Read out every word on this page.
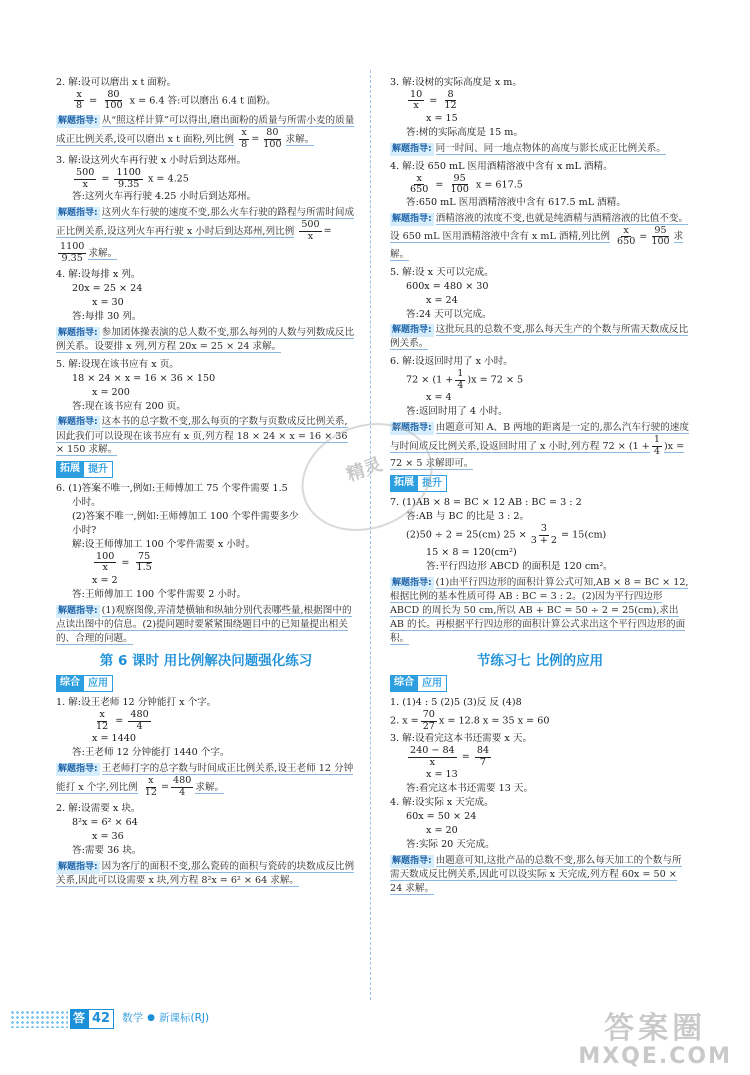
2. 解:设可以磨出 x t 面粉。
$\frac{x}{8} = \frac{80}{100}$ x = 6.4 答:可以磨出 6.4 t 面粉。
解题指导: 从“照这样计算”可以得出,磨出面粉的质量与所需小麦的质量成正比例关系,设可以磨出 x t 面粉,列比例 $\frac{x}{8} = \frac{80}{100}$ 求解。
3. 解:设这列火车再行驶 x 小时后到达郑州。
$\frac{500}{x} = \frac{1100}{9.35}$ x = 4.25
答:这列火车再行驶 4.25 小时后到达郑州。
解题指导: 这列火车行驶的速度不变,那么火车行驶的路程与所需时间成正比例关系,设这列火车再行驶 x 小时后到达郑州,列比例 $\frac{500}{x}$ =
$\frac{1100}{9.35}$ 求解。
4. 解:设每排 x 列。
20x = 25 × 24
x = 30
答:每排 30 列。
解题指导: 参加团体操表演的总人数不变,那么每列的人数与列数成反比例关系。设要排 x 列,列方程 20x = 25 × 24 求解。
5. 解:设现在该书应有 x 页。
18 × 24 × x = 16 × 36 × 150
x = 200
答:现在该书应有 200 页。
解题指导: 这本书的总字数不变,那么每页的字数与页数成反比例关系,因此我们可以设现在该书应有 x 页,列方程 18 × 24 × x = 16 × 36 × 150 求解。
拓展 提升
6. (1)答案不唯一,例如:王师傅加工 75 个零件需要 1.5
小时。
(2)答案不唯一,例如:王师傅加工 100 个零件需要多少
小时?
解:设王师傅加工 100 个零件需要 x 小时。
$\frac{100}{x} = \frac{75}{1.5}$
x = 2
答:王师傅加工 100 个零件需要 2 小时。
解题指导: (1)观察图像,弄清楚横轴和纵轴分别代表哪些量,根据图中的点读出图中的信息。(2)提问题时要紧紧围绕题目中的已知量提出相关的、合理的问题。
第 6 课时 用比例解决问题强化练习
综合 应用
1. 解:设王老师 12 分钟能打 x 个字。
$\frac{x}{12} = \frac{480}{4}$
x = 1440
答:王老师 12 分钟能打 1440 个字。
解题指导: 王老师打字的总字数与时间成正比例关系,设王老师 12 分钟能打 x 个字,列比例 $\frac{x}{12} = \frac{480}{4}$ 求解。
2. 解:设需要 x 块。
8²x = 6² × 64
x = 36
答:需要 36 块。
解题指导: 因为客厅的面积不变,那么瓷砖的面积与瓷砖的块数成反比例关系,因此可以设需要 x 块,列方程 8²x = 6² × 64 求解。
3. 解:设树的实际高度是 x m。
$\frac{10}{x} = \frac{8}{12}$
x = 15
答:树的实际高度是 15 m。
解题指导: 同一时间、同一地点物体的高度与影长成正比例关系。
4. 解:设 650 mL 医用酒精溶液中含有 x mL 酒精。
$\frac{x}{650} = \frac{95}{100}$ x = 617.5
答:650 mL 医用酒精溶液中含有 617.5 mL 酒精。
解题指导: 酒精溶液的浓度不变,也就是纯酒精与酒精溶液的比值不变。设 650 mL 医用酒精溶液中含有 x mL 酒精,列比例 $\frac{x}{650} = \frac{95}{100}$ 求解。
5. 解:设 x 天可以完成。
600x = 480 × 30
x = 24
答:24 天可以完成。
解题指导: 这批玩具的总数不变,那么每天生产的个数与所需天数成反比例关系。
6. 解:设返回时用了 x 小时。
$72 \times (1 + \frac{1}{4} )x = 72 \times 5$
x = 4
答:返回时用了 4 小时。
解题指导: 由题意可知 A、B 两地的距离是一定的,那么汽车行驶的速度与时间成反比例关系,设返回时用了 x 小时,列方程 $72 \times (1 + \frac{1}{4} )x = 72 \times 5$ 求解即可。
拓展 提升
7. (1)AB × 8 = BC × 12 AB : BC = 3 : 2
答:AB 与 BC 的比是 3 : 2。
(2)50 ÷ 2 = 25(cm) $25 \times \frac{3}{3 + 2} = 15(cm)$
15 × 8 = 120(cm²)
答:平行四边形 ABCD 的面积是 120 cm²。
解题指导: (1)由平行四边形的面积计算公式可知,AB × 8 = BC × 12,根据比例的基本性质可得 AB : BC = 3 : 2。(2)因为平行四边形 ABCD 的周长为 50 cm,所以 AB + BC = 50 ÷ 2 = 25(cm),求出 AB 的长。再根据平行四边形的面积计算公式求出这个平行四边形的面积。
节练习七 比例的应用
综合 应用
1. (1)4 : 5 (2)5 (3)反 反 (4)8
2. $x = \frac{70}{27}$ x = 12.8 x = 35 x = 60
3. 解:设看完这本书还需要 x 天。
$\frac{240 - 84}{x} = \frac{84}{7}$
x = 13
答:看完这本书还需要 13 天。
4. 解:设实际 x 天完成。
60x = 50 × 24
x = 20
答:实际 20 天完成。
解题指导: 由题意可知,这批产品的总数不变,那么每天加工的个数与所需天数成反比例关系,因此可以设实际 x 天完成,列方程 60x = 50 × 24 求解。
精灵
答 42	数学 ● 新课标(RJ)	答案圈
MXQE.COM
